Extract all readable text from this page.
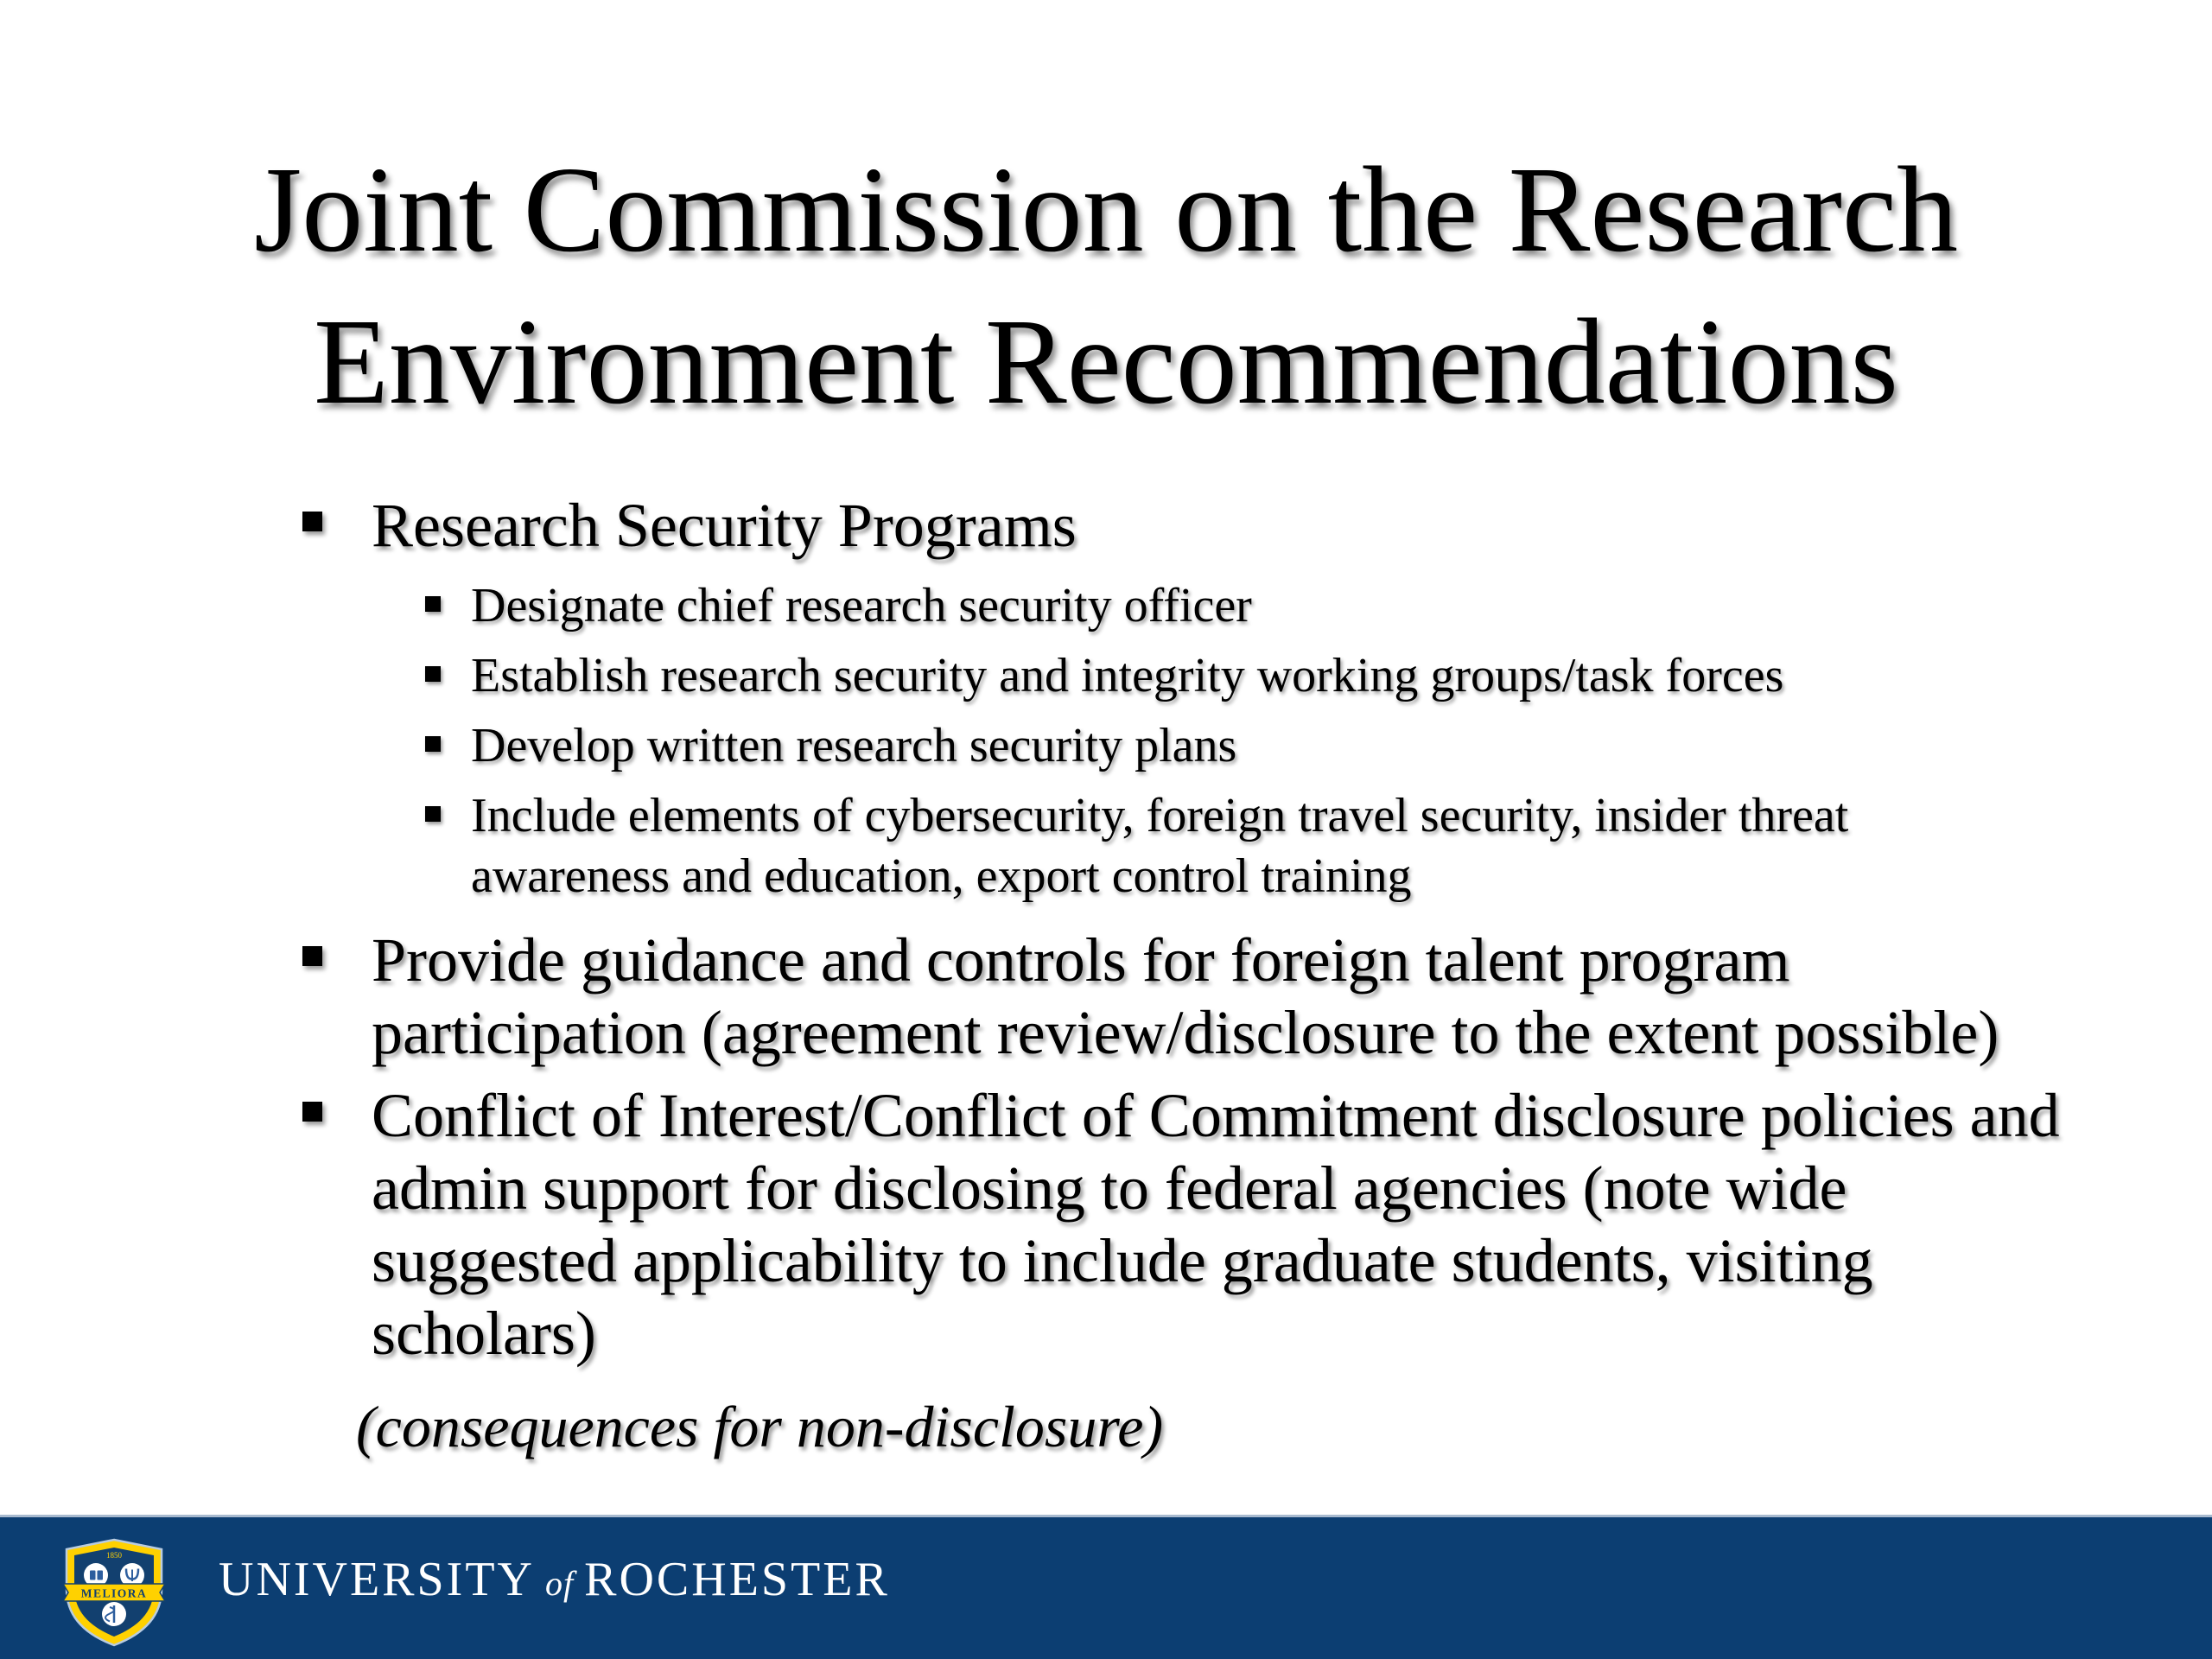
Joint Commission on the Research
Environment Recommendations
Research Security Programs
Designate chief research security officer
Establish research security and integrity working groups/task forces
Develop written research security plans
Include elements of cybersecurity, foreign travel security, insider threat awareness and education, export control training
Provide guidance and controls for foreign talent program participation (agreement review/disclosure to the extent possible)
Conflict of Interest/Conflict of Commitment disclosure policies and admin support for disclosing to federal agencies (note wide suggested applicability to include graduate students, visiting scholars)
(consequences for non-disclosure)
1850
MELIORA UNIVERSITY of ROCHESTER
